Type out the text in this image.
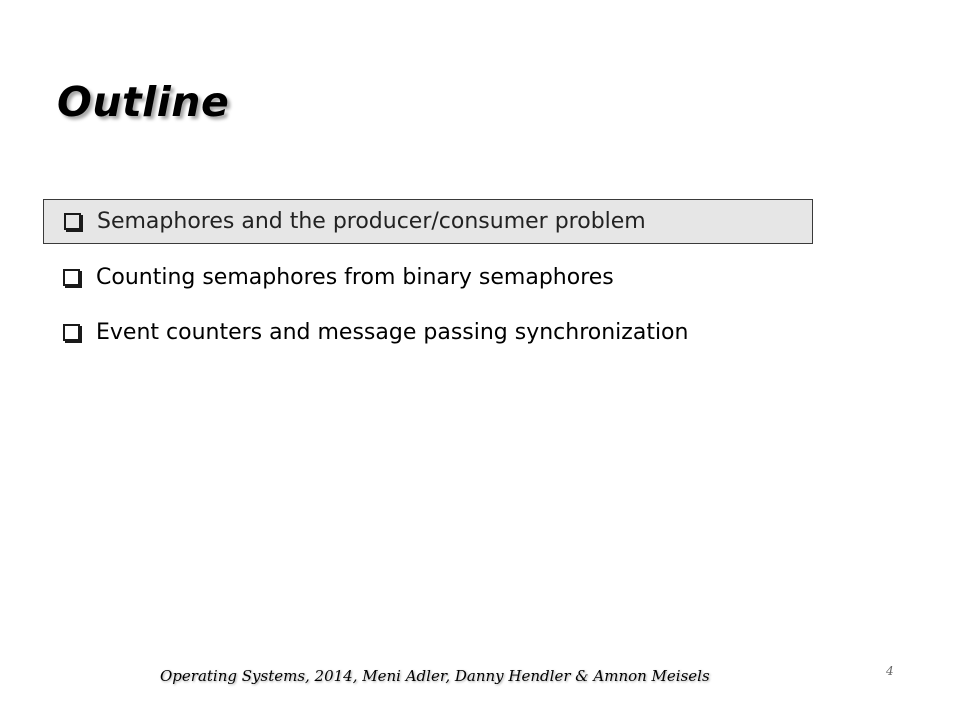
Outline
Semaphores and the producer/consumer problem
Counting semaphores from binary semaphores
Event counters and message passing synchronization
Operating Systems, 2014, Meni Adler, Danny Hendler & Amnon Meisels	4
